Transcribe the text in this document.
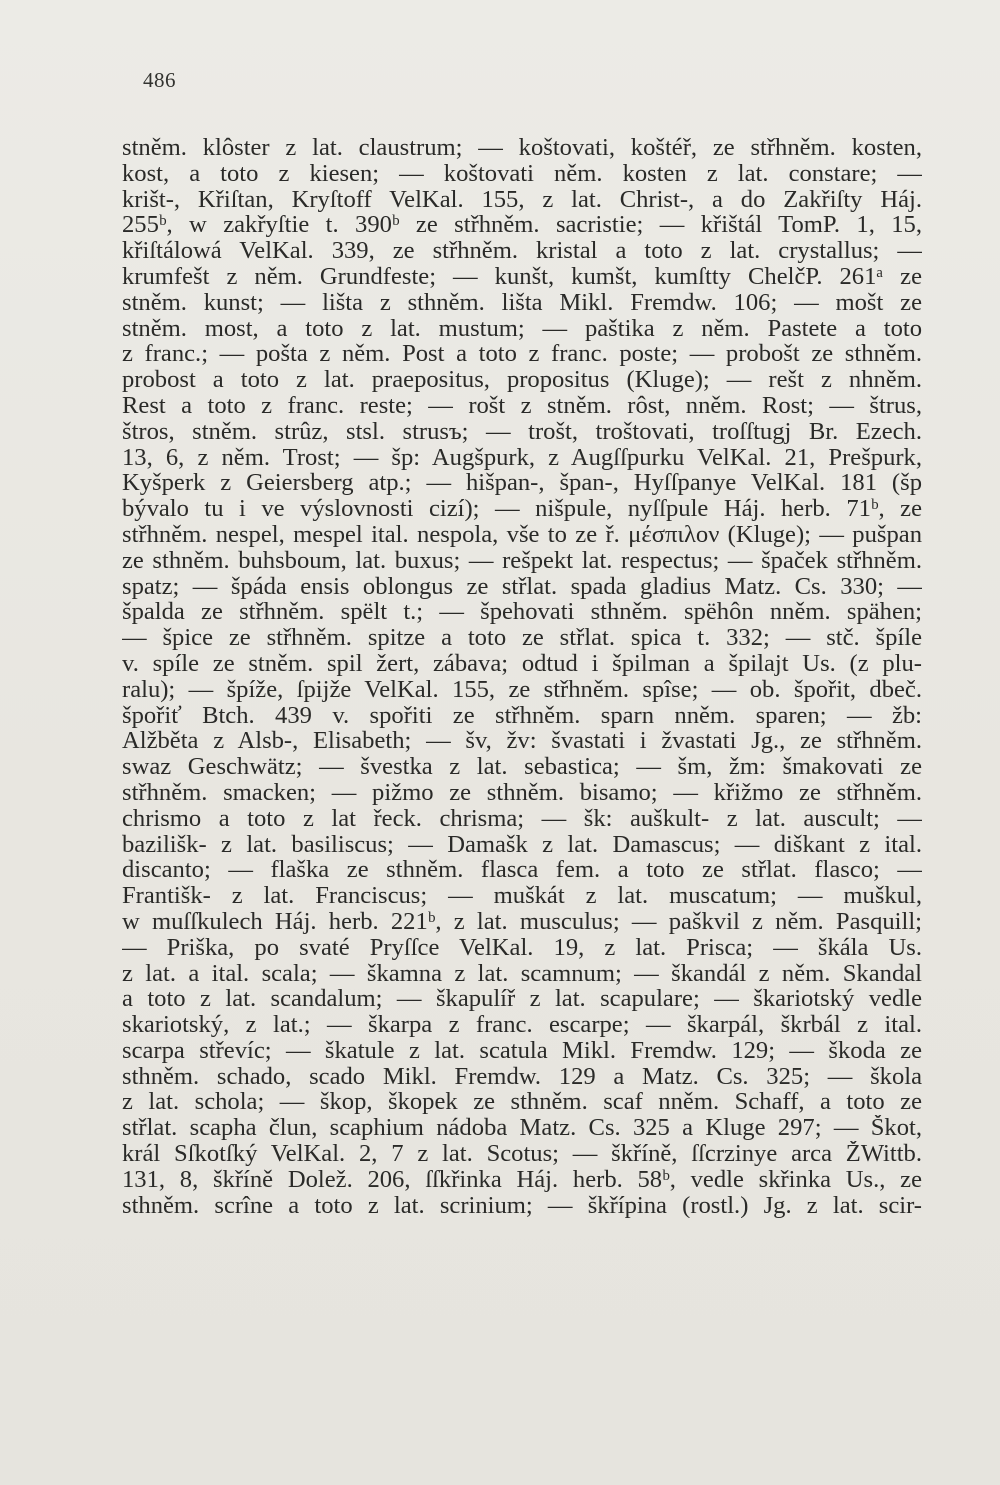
486
stněm. klôster z lat. claustrum; — koštovati, koštéř, ze střhněm. kosten,
kost, a toto z kiesen; — koštovati něm. kosten z lat. constare; —
krišt-, Křiſtan, Kryſtoff VelKal. 155, z lat. Christ-, a do Zakřiſty Háj.
255ᵇ, w zakřyſtie t. 390ᵇ ze střhněm. sacristie; — křištál TomP. 1, 15,
křiſtálowá VelKal. 339, ze střhněm. kristal a toto z lat. crystallus; —
krumfešt z něm. Grundfeste; — kunšt, kumšt, kumſtty ChelčP. 261ᵃ ze
stněm. kunst; — lišta z sthněm. lišta Mikl. Fremdw. 106; — mošt ze
stněm. most, a toto z lat. mustum; — paštika z něm. Pastete a toto
z franc.; — pošta z něm. Post a toto z franc. poste; — probošt ze sthněm.
probost a toto z lat. praepositus, propositus (Kluge); — rešt z nhněm.
Rest a toto z franc. reste; — rošt z stněm. rôst, nněm. Rost; — štrus,
štros, stněm. strûz, stsl. strusъ; — trošt, troštovati, troſſtugj Br. Ezech.
13, 6, z něm. Trost; — šp: Augšpurk, z Augſſpurku VelKal. 21, Prešpurk,
Kyšperk z Geiersberg atp.; — hišpan-, špan-, Hyſſpanye VelKal. 181 (šp
bývalo tu i ve výslovnosti cizí); — nišpule, nyſſpule Háj. herb. 71ᵇ, ze
střhněm. nespel, mespel ital. nespola, vše to ze ř. μέσπιλον (Kluge); — pušpan
ze sthněm. buhsboum, lat. buxus; — rešpekt lat. respectus; — špaček střhněm.
spatz; — špáda ensis oblongus ze střlat. spada gladius Matz. Cs. 330; —
špalda ze střhněm. spëlt t.; — špehovati sthněm. spëhôn nněm. spähen;
— špice ze střhněm. spitze a toto ze střlat. spica t. 332; — stč. špíle
v. spíle ze stněm. spil žert, zábava; odtud i špilman a špilajt Us. (z plu-
ralu); — špíže, ſpijže VelKal. 155, ze střhněm. spîse; — ob. špořit, dbeč.
špořiť Btch. 439 v. spořiti ze střhněm. sparn nněm. sparen; — žb:
Alžběta z Alsb-, Elisabeth; — šv, žv: švastati i žvastati Jg., ze střhněm.
swaz Geschwätz; — švestka z lat. sebastica; — šm, žm: šmakovati ze
střhněm. smacken; — pižmo ze sthněm. bisamo; — křižmo ze střhněm.
chrismo a toto z lat řeck. chrisma; — šk: auškult- z lat. auscult; —
bazilišk- z lat. basiliscus; — Damašk z lat. Damascus; — diškant z ital.
discanto; — flaška ze sthněm. flasca fem. a toto ze střlat. flasco; —
Františk- z lat. Franciscus; — muškát z lat. muscatum; — muškul,
w muſſkulech Háj. herb. 221ᵇ, z lat. musculus; — paškvil z něm. Pasquill;
— Priška, po svaté Pryſſce VelKal. 19, z lat. Prisca; — škála Us.
z lat. a ital. scala; — škamna z lat. scamnum; — škandál z něm. Skandal
a toto z lat. scandalum; — škapulíř z lat. scapulare; — škariotský vedle
skariotský, z lat.; — škarpa z franc. escarpe; — škarpál, škrbál z ital.
scarpa střevíc; — škatule z lat. scatula Mikl. Fremdw. 129; — škoda ze
sthněm. schado, scado Mikl. Fremdw. 129 a Matz. Cs. 325; — škola
z lat. schola; — škop, škopek ze sthněm. scaf nněm. Schaff, a toto ze
střlat. scapha člun, scaphium nádoba Matz. Cs. 325 a Kluge 297; — Škot,
král Sſkotſký VelKal. 2, 7 z lat. Scotus; — škříně, ſſcrzinye arca ŽWittb.
131, 8, škříně Dolež. 206, ſſkřinka Háj. herb. 58ᵇ, vedle skřinka Us., ze
sthněm. scrîne a toto z lat. scrinium; — škřípina (rostl.) Jg. z lat. scir-
